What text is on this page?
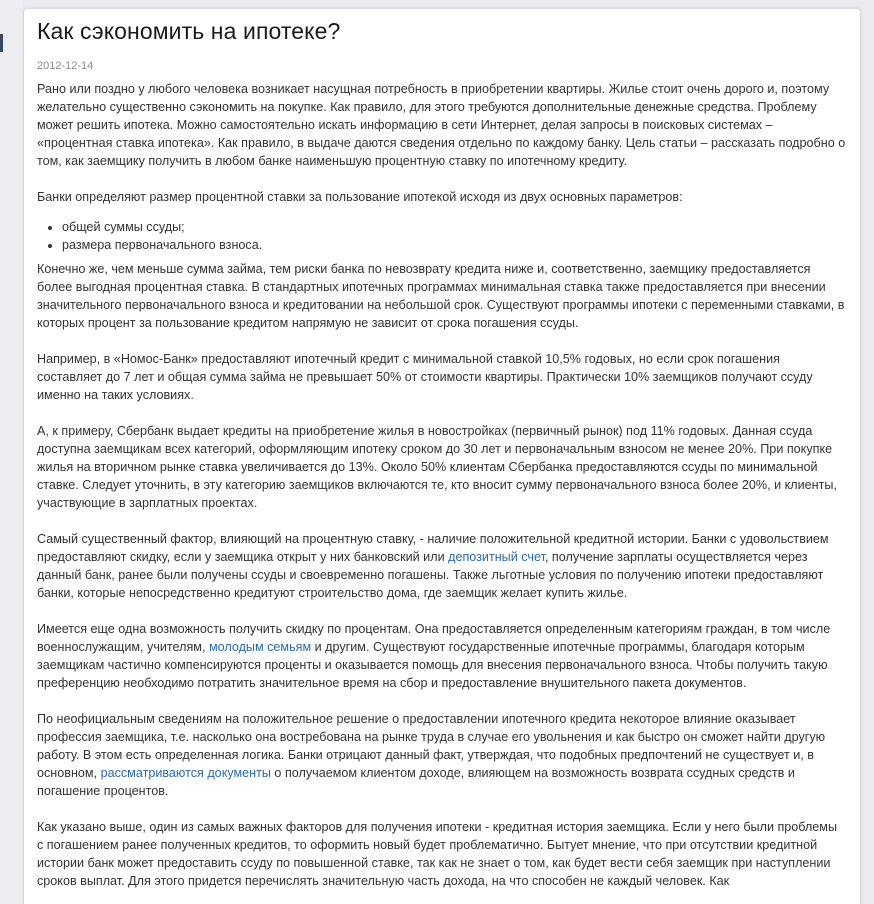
Как сэкономить на ипотеке?
2012-12-14

Рано или поздно у любого человека возникает насущная потребность в приобретении квартиры. Жилье стоит очень дорого и, поэтому желательно существенно сэкономить на покупке. Как правило, для этого требуются дополнительные денежные средства. Проблему может решить ипотека. Можно самостоятельно искать информацию в сети Интернет, делая запросы в поисковых системах – «процентная ставка ипотека». Как правило, в выдаче даются сведения отдельно по каждому банку. Цель статьи – рассказать подробно о том, как заемщику получить в любом банке наименьшую процентную ставку по ипотечному кредиту.

Банки определяют размер процентной ставки за пользование ипотекой исходя из двух основных параметров:

• общей суммы ссуды;
• размера первоначального взноса.

Конечно же, чем меньше сумма займа, тем риски банка по невозврату кредита ниже и, соответственно, заемщику предоставляется более выгодная процентная ставка. В стандартных ипотечных программах минимальная ставка также предоставляется при внесении значительного первоначального взноса и кредитовании на небольшой срок. Существуют программы ипотеки с переменными ставками, в которых процент за пользование кредитом напрямую не зависит от срока погашения ссуды.

Например, в «Номос-Банк» предоставляют ипотечный кредит с минимальной ставкой 10,5% годовых, но если срок погашения составляет до 7 лет и общая сумма займа не превышает 50% от стоимости квартиры. Практически 10% заемщиков получают ссуду именно на таких условиях.

А, к примеру, Сбербанк выдает кредиты на приобретение жилья в новостройках (первичный рынок) под 11% годовых. Данная ссуда доступна заемщикам всех категорий, оформляющим ипотеку сроком до 30 лет и первоначальным взносом не менее 20%. При покупке жилья на вторичном рынке ставка увеличивается до 13%. Около 50% клиентам Сбербанка предоставляются ссуды по минимальной ставке. Следует уточнить, в эту категорию заемщиков включаются те, кто вносит сумму первоначального взноса более 20%, и клиенты, участвующие в зарплатных проектах.

Самый существенный фактор, влияющий на процентную ставку, - наличие положительной кредитной истории. Банки с удовольствием предоставляют скидку, если у заемщика открыт у них банковский или депозитный счет, получение зарплаты осуществляется через данный банк, ранее были получены ссуды и своевременно погашены. Также льготные условия по получению ипотеки предоставляют банки, которые непосредственно кредитуют строительство дома, где заемщик желает купить жилье.

Имеется еще одна возможность получить скидку по процентам. Она предоставляется определенным категориям граждан, в том числе военнослужащим, учителям, молодым семьям и другим. Существуют государственные ипотечные программы, благодаря которым заемщикам частично компенсируются проценты и оказывается помощь для внесения первоначального взноса. Чтобы получить такую преференцию необходимо потратить значительное время на сбор и предоставление внушительного пакета документов.

По неофициальным сведениям на положительное решение о предоставлении ипотечного кредита некоторое влияние оказывает профессия заемщика, т.е. насколько она востребована на рынке труда в случае его увольнения и как быстро он сможет найти другую работу. В этом есть определенная логика. Банки отрицают данный факт, утверждая, что подобных предпочтений не существует и, в основном, рассматриваются документы о получаемом клиентом доходе, влияющем на возможность возврата ссудных средств и погашение процентов.

Как указано выше, один из самых важных факторов для получения ипотеки - кредитная история заемщика. Если у него были проблемы с погашением ранее полученных кредитов, то оформить новый будет проблематично. Бытует мнение, что при отсутствии кредитной истории банк может предоставить ссуду по повышенной ставке, так как не знает о том, как будет вести себя заемщик при наступлении сроков выплат. Для этого придется перечислять значительную часть дохода, на что способен не каждый человек. Как
